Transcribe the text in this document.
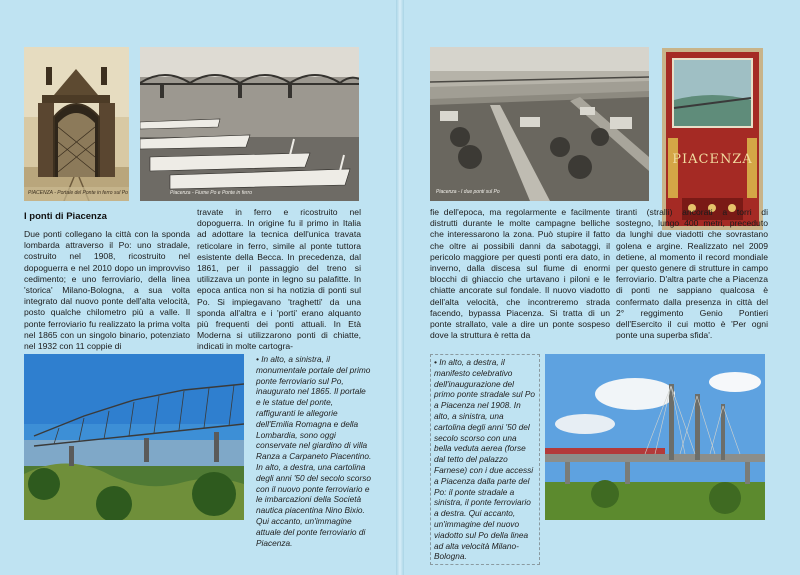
PIACENZA - Portale del Ponte in ferro sul Po	Piacenza - Fiume Po e Ponte in ferro
I ponti di Piacenza

Due ponti collegano la città con la sponda lombarda attraverso il Po: uno stradale, costruito nel 1908, ricostruito nel dopoguerra e nel 2010 dopo un improvviso cedimento; e uno ferroviario, della linea 'storica' Milano-Bologna, a sua volta integrato dal nuovo ponte dell'alta velocità, posto qualche chilometro più a valle. Il ponte ferroviario fu realizzato la prima volta nel 1865 con un singolo binario, potenziato nel 1932 con 11 coppie di

travate in ferro e ricostruito nel dopoguerra. In origine fu il primo in Italia ad adottare la tecnica dell'unica travata reticolare in ferro, simile al ponte tuttora esistente della Becca. In precedenza, dal 1861, per il passaggio del treno si utilizzava un ponte in legno su palafitte. In epoca antica non si ha notizia di ponti sul Po. Si impiegavano 'traghetti' da una sponda all'altra e i 'porti' erano alquanto più frequenti dei ponti attuali. In Età Moderna si utilizzarono ponti di chiatte, indicati in molte cartogra-

• In alto, a sinistra, il monumentale portale del primo ponte ferroviario sul Po, inaugurato nel 1865. Il portale e le statue del ponte, raffiguranti le allegorie dell'Emilia Romagna e della Lombardia, sono oggi conservate nel giardino di villa Ranza a Carpaneto Piacentino. In alto, a destra, una cartolina degli anni '50 del secolo scorso con il nuovo ponte ferroviario e le imbarcazioni della Società nautica piacentina Nino Bixio. Qui accanto, un'immagine attuale del ponte ferroviario di Piacenza.

Piacenza - I due ponti sul Po
PIACENZA

fie dell'epoca, ma regolarmente e facilmente distrutti durante le molte campagne belliche che interessarono la zona. Può stupire il fatto che oltre ai possibili danni da sabotaggi, il pericolo maggiore per questi ponti era dato, in inverno, dalla discesa sul fiume di enormi blocchi di ghiaccio che urtavano i piloni e le chiatte ancorate sul fondale. Il nuovo viadotto dell'alta velocità, che incontreremo strada facendo, bypassa Piacenza. Si tratta di un ponte strallato, vale a dire un ponte sospeso dove la struttura è retta da

tiranti (stralli) ancorati a torri di sostegno, lungo 400 metri, preceduto da lunghi due viadotti che sovrastano golena e argine. Realizzato nel 2009 detiene, al momento il record mondiale per questo genere di strutture in campo ferroviario. D'altra parte che a Piacenza di ponti ne sappiano qualcosa è confermato dalla presenza in città del 2° reggimento Genio Pontieri dell'Esercito il cui motto è 'Per ogni ponte una superba sfida'.

• In alto, a destra, il manifesto celebrativo dell'inaugurazione del primo ponte stradale sul Po a Piacenza nel 1908. In alto, a sinistra, una cartolina degli anni '50 del secolo scorso con una bella veduta aerea (forse dal tetto del palazzo Farnese) con i due accessi a Piacenza dalla parte del Po: il ponte stradale a sinistra, il ponte ferroviario a destra. Qui accanto, un'immagine del nuovo viadotto sul Po della linea ad alta velocità Milano-Bologna.
